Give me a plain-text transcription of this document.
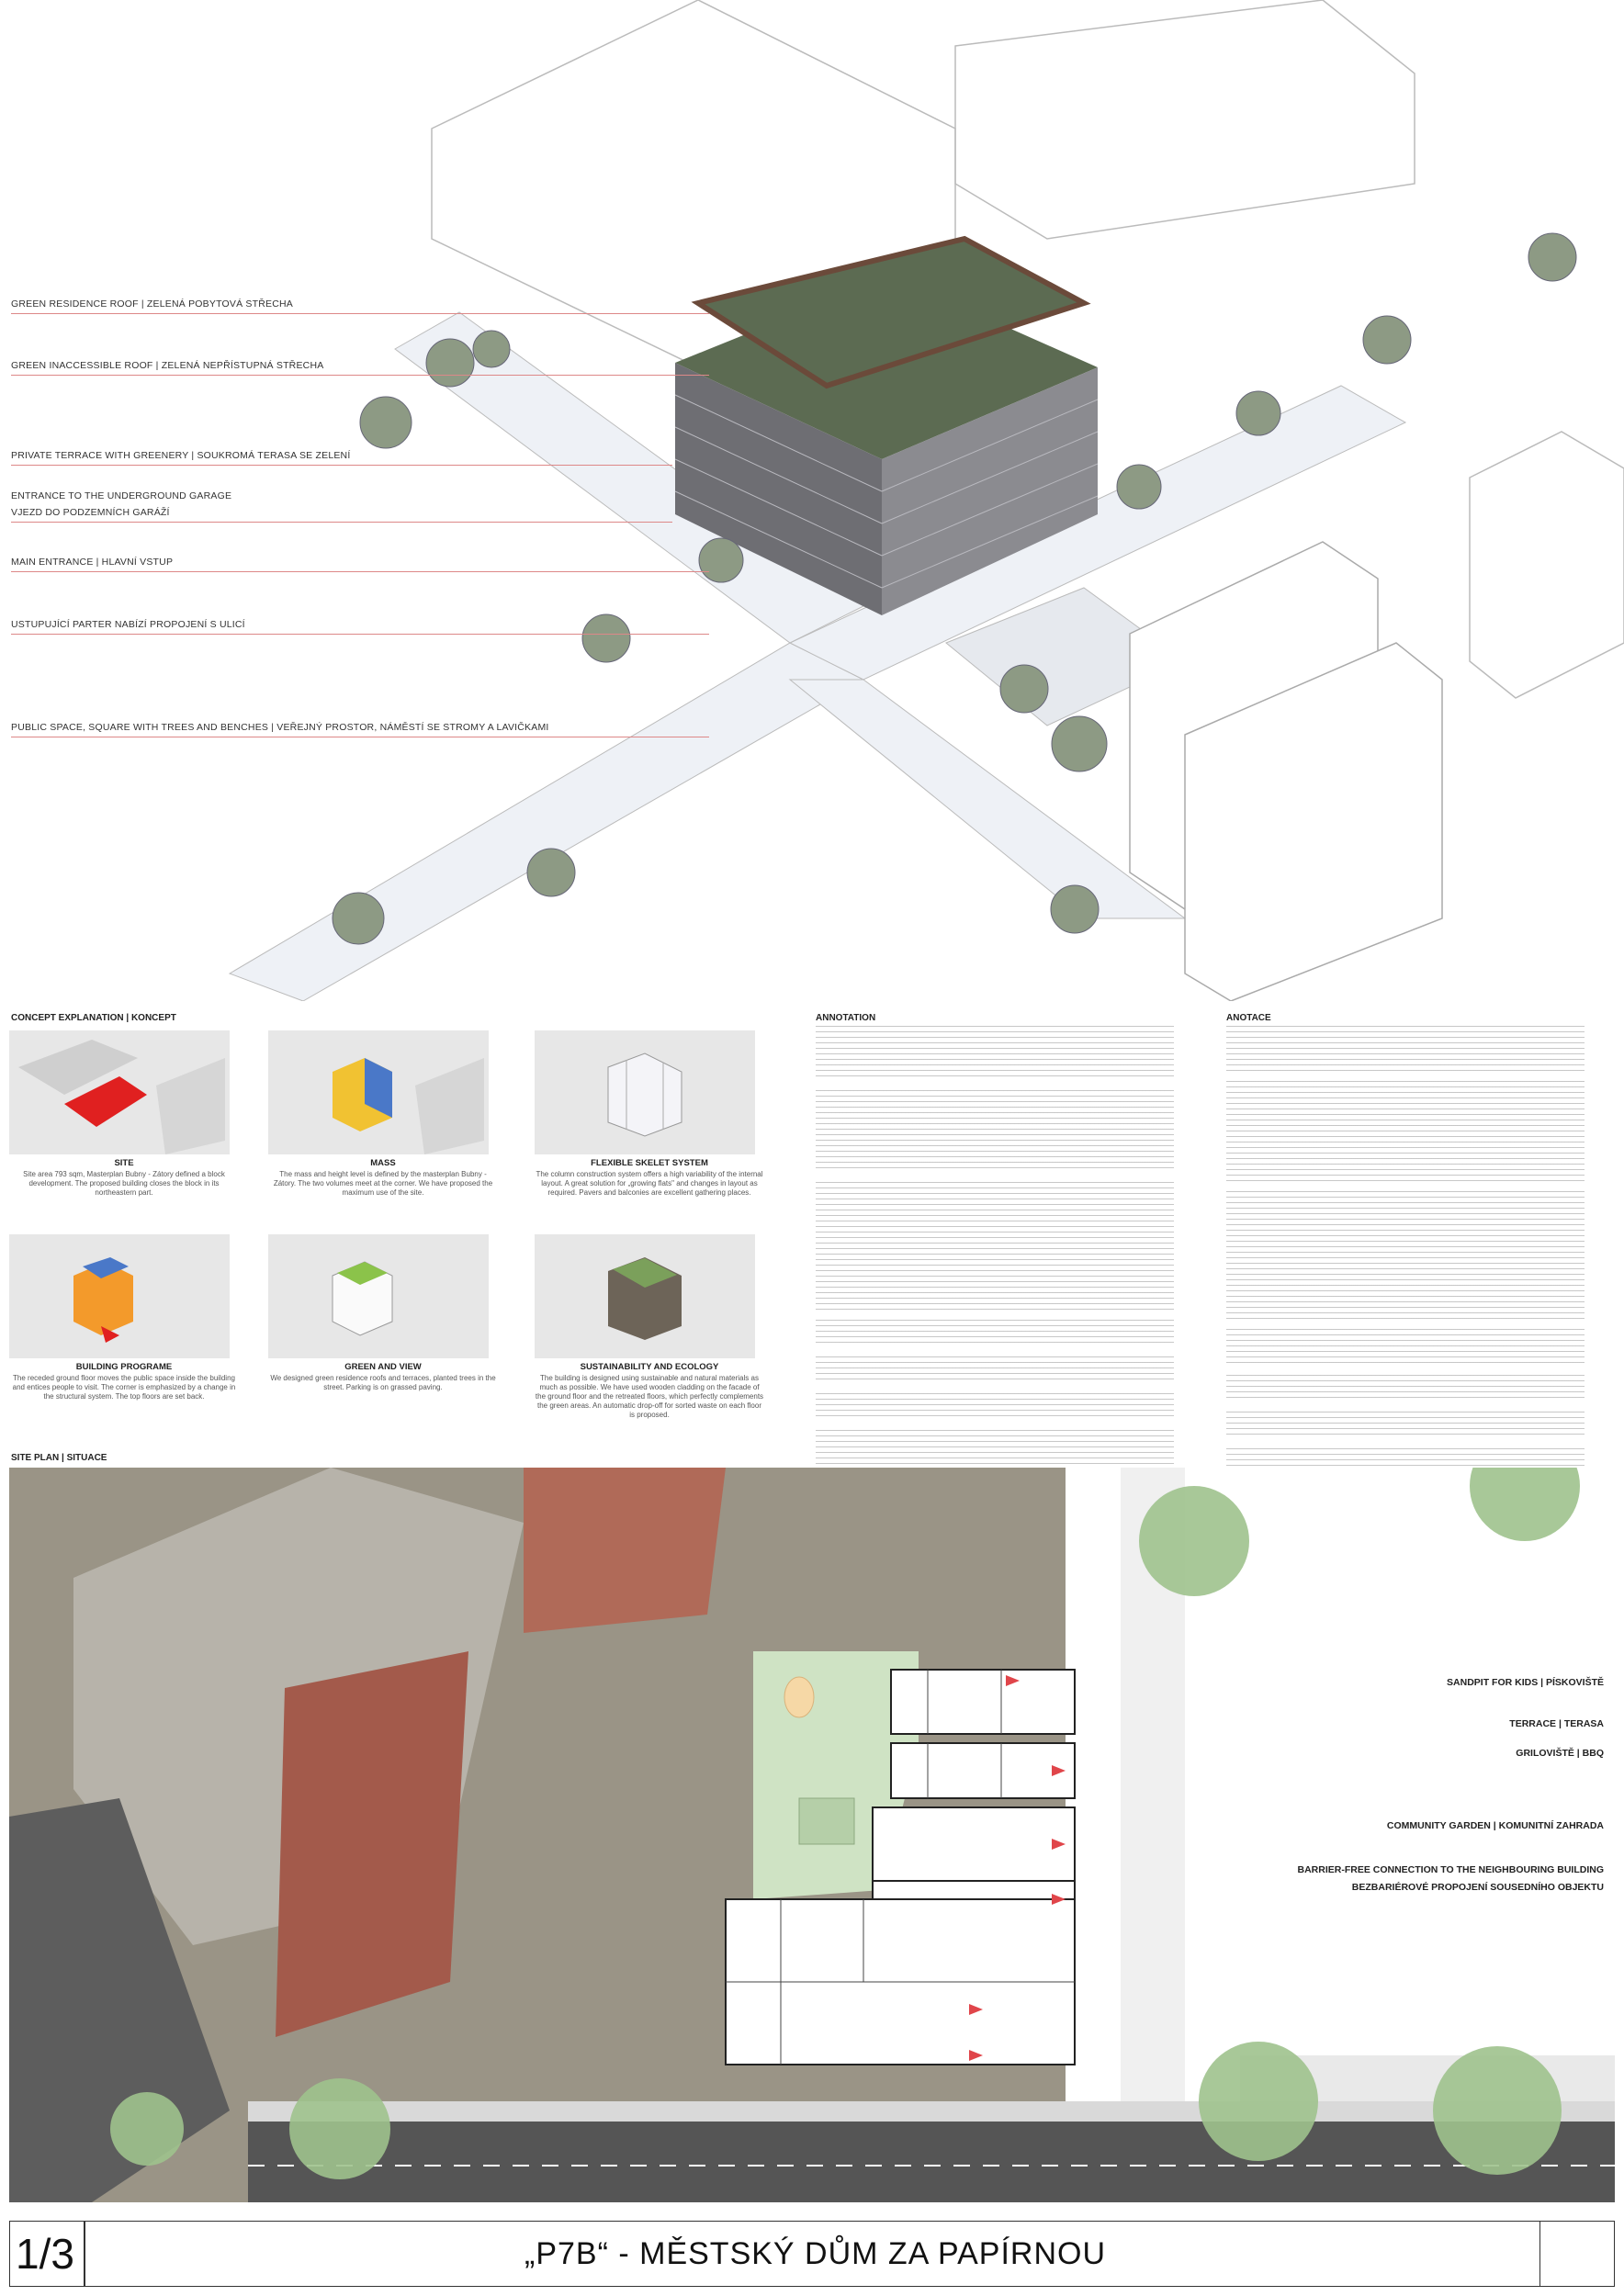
GREEN RESIDENCE ROOF | ZELENÁ POBYTOVÁ STŘECHA
GREEN INACCESSIBLE ROOF | ZELENÁ NEPŘÍSTUPNÁ STŘECHA
PRIVATE TERRACE WITH GREENERY | SOUKROMÁ TERASA SE ZELENÍ
ENTRANCE TO THE UNDERGROUND GARAGE
VJEZD DO PODZEMNÍCH GARÁŽÍ
MAIN ENTRANCE | HLAVNÍ VSTUP
USTUPUJÍCÍ PARTER NABÍZÍ PROPOJENÍ S ULICÍ
PUBLIC SPACE, SQUARE WITH TREES AND BENCHES | VEŘEJNÝ PROSTOR, NÁMĚSTÍ SE STROMY A LAVIČKAMI
CONCEPT EXPLANATION | KONCEPT
SITE
Site area 793 sqm, Masterplan Bubny - Zátory defined a block development. The proposed building closes the block in its northeastern part.
MASS
The mass and height level is defined by the masterplan Bubny - Zátory. The two volumes meet at the corner. We have proposed the maximum use of the site.
FLEXIBLE SKELET SYSTEM
The column construction system offers a high variability of the internal layout. A great solution for „growing flats" and changes in layout as required. Pavers and balconies are excellent gathering places.
BUILDING PROGRAME
The receded ground floor moves the public space inside the building and entices people to visit. The corner is emphasized by a change in the structural system. The top floors are set back.
GREEN AND VIEW
We designed green residence roofs and terraces, planted trees in the street. Parking is on grassed paving.
SUSTAINABILITY AND ECOLOGY
The building is designed using sustainable and natural materials as much as possible. We have used wooden cladding on the facade of the ground floor and the retreated floors, which perfectly complements the green areas. An automatic drop-off for sorted waste on each floor is proposed.
ANNOTATION	ANOTACE
SITE PLAN | SITUACE
SANDPIT FOR KIDS | PÍSKOVIŠTĚ
TERRACE | TERASA
GRILOVIŠTĚ | BBQ
COMMUNITY GARDEN | KOMUNITNÍ ZAHRADA
BARRIER-FREE CONNECTION TO THE NEIGHBOURING BUILDING
BEZBARIÉROVÉ PROPOJENÍ SOUSEDNÍHO OBJEKTU
1/3	„P7B“ - MĚSTSKÝ DŮM ZA PAPÍRNOU
